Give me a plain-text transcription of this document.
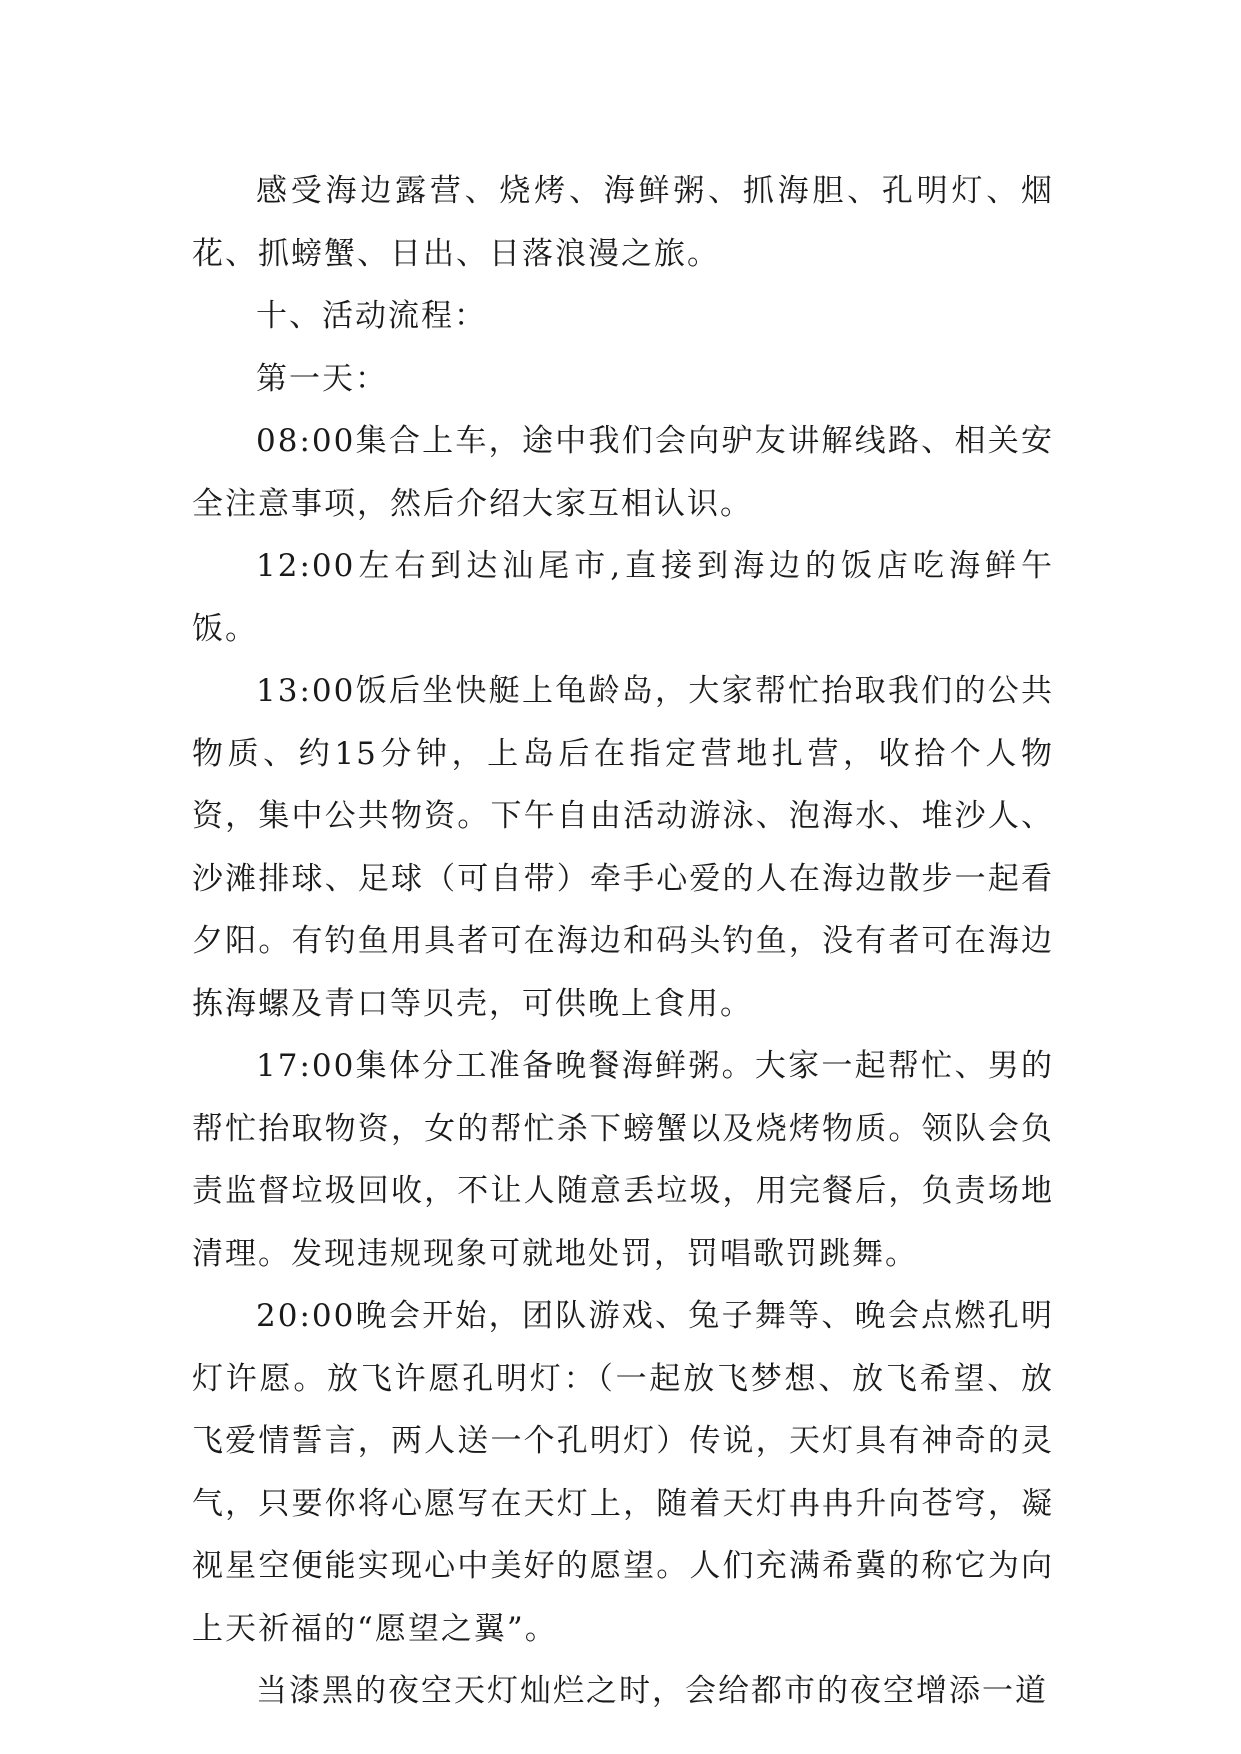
感受海边露营、烧烤、海鲜粥、抓海胆、孔明灯、烟花、抓螃蟹、日出、日落浪漫之旅。

十、活动流程：

第一天：

08:00集合上车，途中我们会向驴友讲解线路、相关安全注意事项，然后介绍大家互相认识。

12:00左右到达汕尾市,直接到海边的饭店吃海鲜午饭。

13:00饭后坐快艇上龟龄岛，大家帮忙抬取我们的公共物质、约15分钟，上岛后在指定营地扎营，收拾个人物资，集中公共物资。下午自由活动游泳、泡海水、堆沙人、沙滩排球、足球（可自带）牵手心爱的人在海边散步一起看夕阳。有钓鱼用具者可在海边和码头钓鱼，没有者可在海边拣海螺及青口等贝壳，可供晚上食用。

17:00集体分工准备晚餐海鲜粥。大家一起帮忙、男的帮忙抬取物资，女的帮忙杀下螃蟹以及烧烤物质。领队会负责监督垃圾回收，不让人随意丢垃圾，用完餐后，负责场地清理。发现违规现象可就地处罚，罚唱歌罚跳舞。

20:00晚会开始，团队游戏、兔子舞等、晚会点燃孔明灯许愿。放飞许愿孔明灯：（一起放飞梦想、放飞希望、放飞爱情誓言，两人送一个孔明灯）传说，天灯具有神奇的灵气，只要你将心愿写在天灯上，随着天灯冉冉升向苍穹，凝视星空便能实现心中美好的愿望。人们充满希冀的称它为向上天祈福的“愿望之翼”。

当漆黑的夜空天灯灿烂之时，会给都市的夜空增添一道
